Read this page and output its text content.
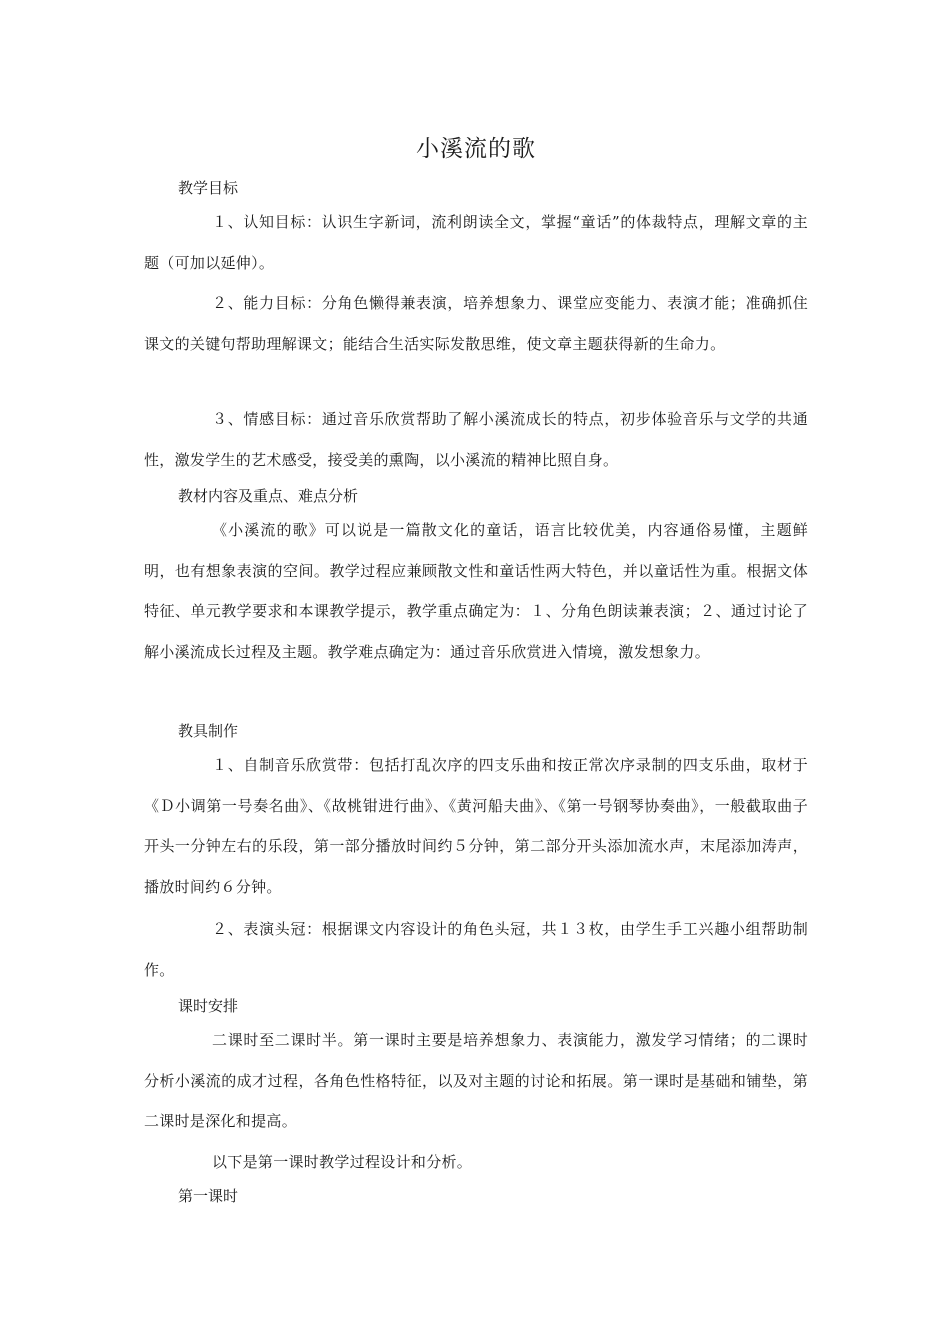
小溪流的歌
教学目标
１、认知目标：认识生字新词，流利朗读全文，掌握“童话”的体裁特点，理解文章的主题（可加以延伸）。
２、能力目标：分角色懒得兼表演，培养想象力、课堂应变能力、表演才能；准确抓住课文的关键句帮助理解课文；能结合生活实际发散思维，使文章主题获得新的生命力。
３、情感目标：通过音乐欣赏帮助了解小溪流成长的特点，初步体验音乐与文学的共通性，激发学生的艺术感受，接受美的熏陶，以小溪流的精神比照自身。
教材内容及重点、难点分析
《小溪流的歌》可以说是一篇散文化的童话，语言比较优美，内容通俗易懂，主题鲜明，也有想象表演的空间。教学过程应兼顾散文性和童话性两大特色，并以童话性为重。根据文体特征、单元教学要求和本课教学提示，教学重点确定为：１、分角色朗读兼表演；２、通过讨论了解小溪流成长过程及主题。教学难点确定为：通过音乐欣赏进入情境，激发想象力。
教具制作
１、自制音乐欣赏带：包括打乱次序的四支乐曲和按正常次序录制的四支乐曲，取材于《Ｄ小调第一号奏名曲》、《故桃钳进行曲》、《黄河船夫曲》、《第一号钢琴协奏曲》，一般截取曲子开头一分钟左右的乐段，第一部分播放时间约５分钟，第二部分开头添加流水声，末尾添加涛声，播放时间约６分钟。
２、表演头冠：根据课文内容设计的角色头冠，共１３枚，由学生手工兴趣小组帮助制作。
课时安排
二课时至二课时半。第一课时主要是培养想象力、表演能力，激发学习情绪；的二课时分析小溪流的成才过程，各角色性格特征，以及对主题的讨论和拓展。第一课时是基础和铺垫，第二课时是深化和提高。
以下是第一课时教学过程设计和分析。
第一课时
